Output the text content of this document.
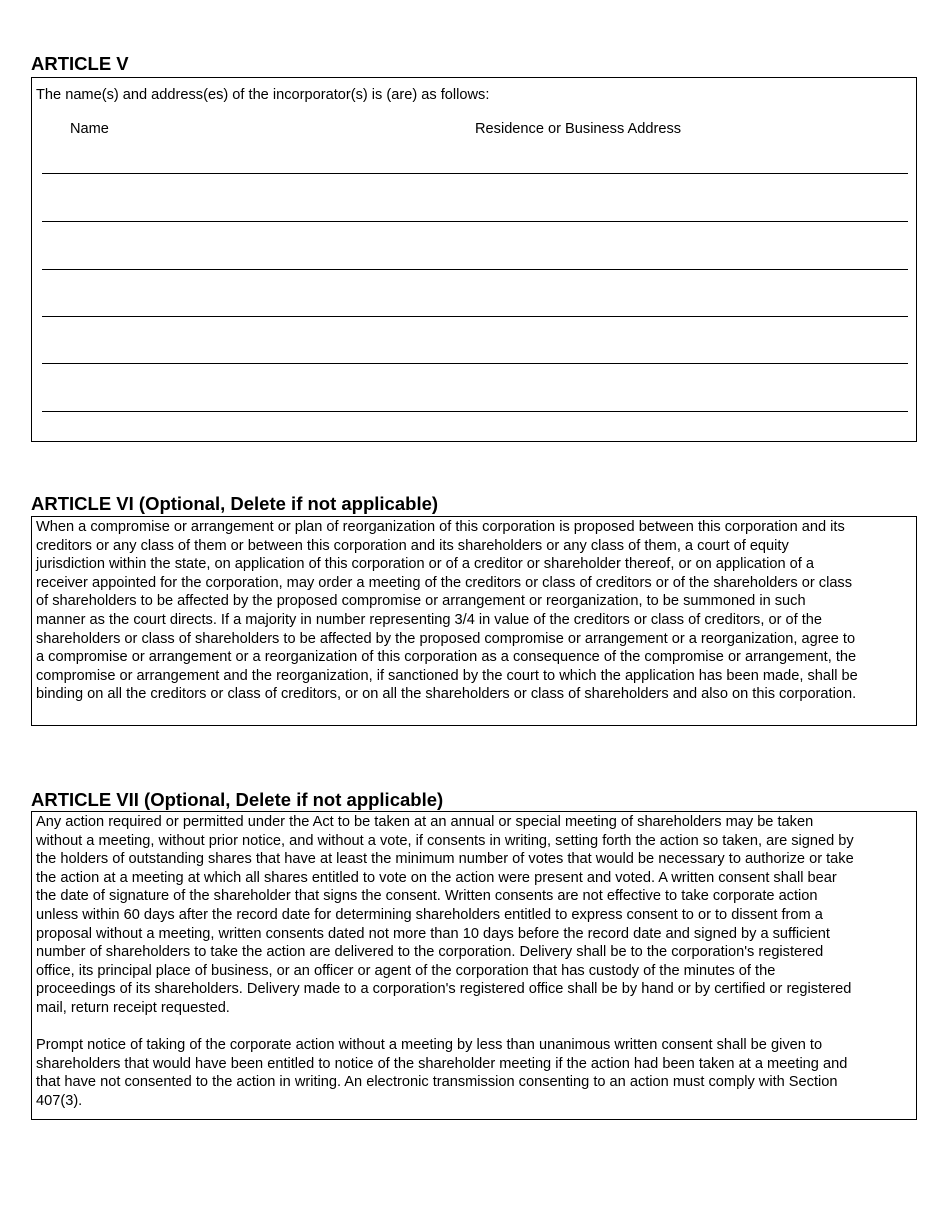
ARTICLE V
The name(s) and address(es) of the incorporator(s) is (are) as follows:
Name	Residence or Business Address
ARTICLE VI (Optional, Delete if not applicable)

When a compromise or arrangement or plan of reorganization of this corporation is proposed between this corporation and its
creditors or any class of them or between this corporation and its shareholders or any class of them, a court of equity
jurisdiction within the state, on application of this corporation or of a creditor or shareholder thereof, or on application of a
receiver appointed for the corporation, may order a meeting of the creditors or class of creditors or of the shareholders or class
of shareholders to be affected by the proposed compromise or arrangement or reorganization, to be summoned in such
manner as the court directs. If a majority in number representing 3/4 in value of the creditors or class of creditors, or of the
shareholders or class of shareholders to be affected by the proposed compromise or arrangement or a reorganization, agree to
a compromise or arrangement or a reorganization of this corporation as a consequence of the compromise or arrangement, the
compromise or arrangement and the reorganization, if sanctioned by the court to which the application has been made, shall be
binding on all the creditors or class of creditors, or on all the shareholders or class of shareholders and also on this corporation.

ARTICLE VII (Optional, Delete if not applicable)

Any action required or permitted under the Act to be taken at an annual or special meeting of shareholders may be taken
without a meeting, without prior notice, and without a vote, if consents in writing, setting forth the action so taken, are signed by
the holders of outstanding shares that have at least the minimum number of votes that would be necessary to authorize or take
the action at a meeting at which all shares entitled to vote on the action were present and voted. A written consent shall bear
the date of signature of the shareholder that signs the consent. Written consents are not effective to take corporate action
unless within 60 days after the record date for determining shareholders entitled to express consent to or to dissent from a
proposal without a meeting, written consents dated not more than 10 days before the record date and signed by a sufficient
number of shareholders to take the action are delivered to the corporation. Delivery shall be to the corporation's registered
office, its principal place of business, or an officer or agent of the corporation that has custody of the minutes of the
proceedings of its shareholders. Delivery made to a corporation's registered office shall be by hand or by certified or registered
mail, return receipt requested.

Prompt notice of taking of the corporate action without a meeting by less than unanimous written consent shall be given to
shareholders that would have been entitled to notice of the shareholder meeting if the action had been taken at a meeting and
that have not consented to the action in writing. An electronic transmission consenting to an action must comply with Section
407(3).
